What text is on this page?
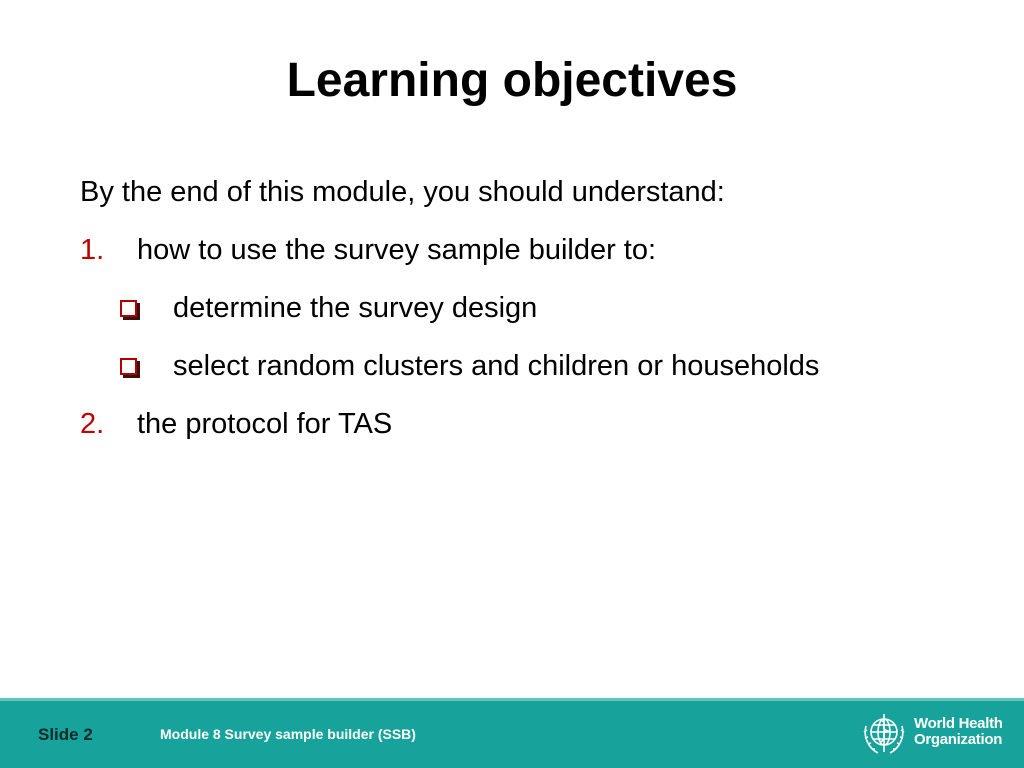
Learning objectives
By the end of this module, you should understand:
1. how to use the survey sample builder to:
determine the survey design
select random clusters and children or households
2. the protocol for TAS
Slide 2	Module 8 Survey sample builder (SSB)
World Health
Organization
